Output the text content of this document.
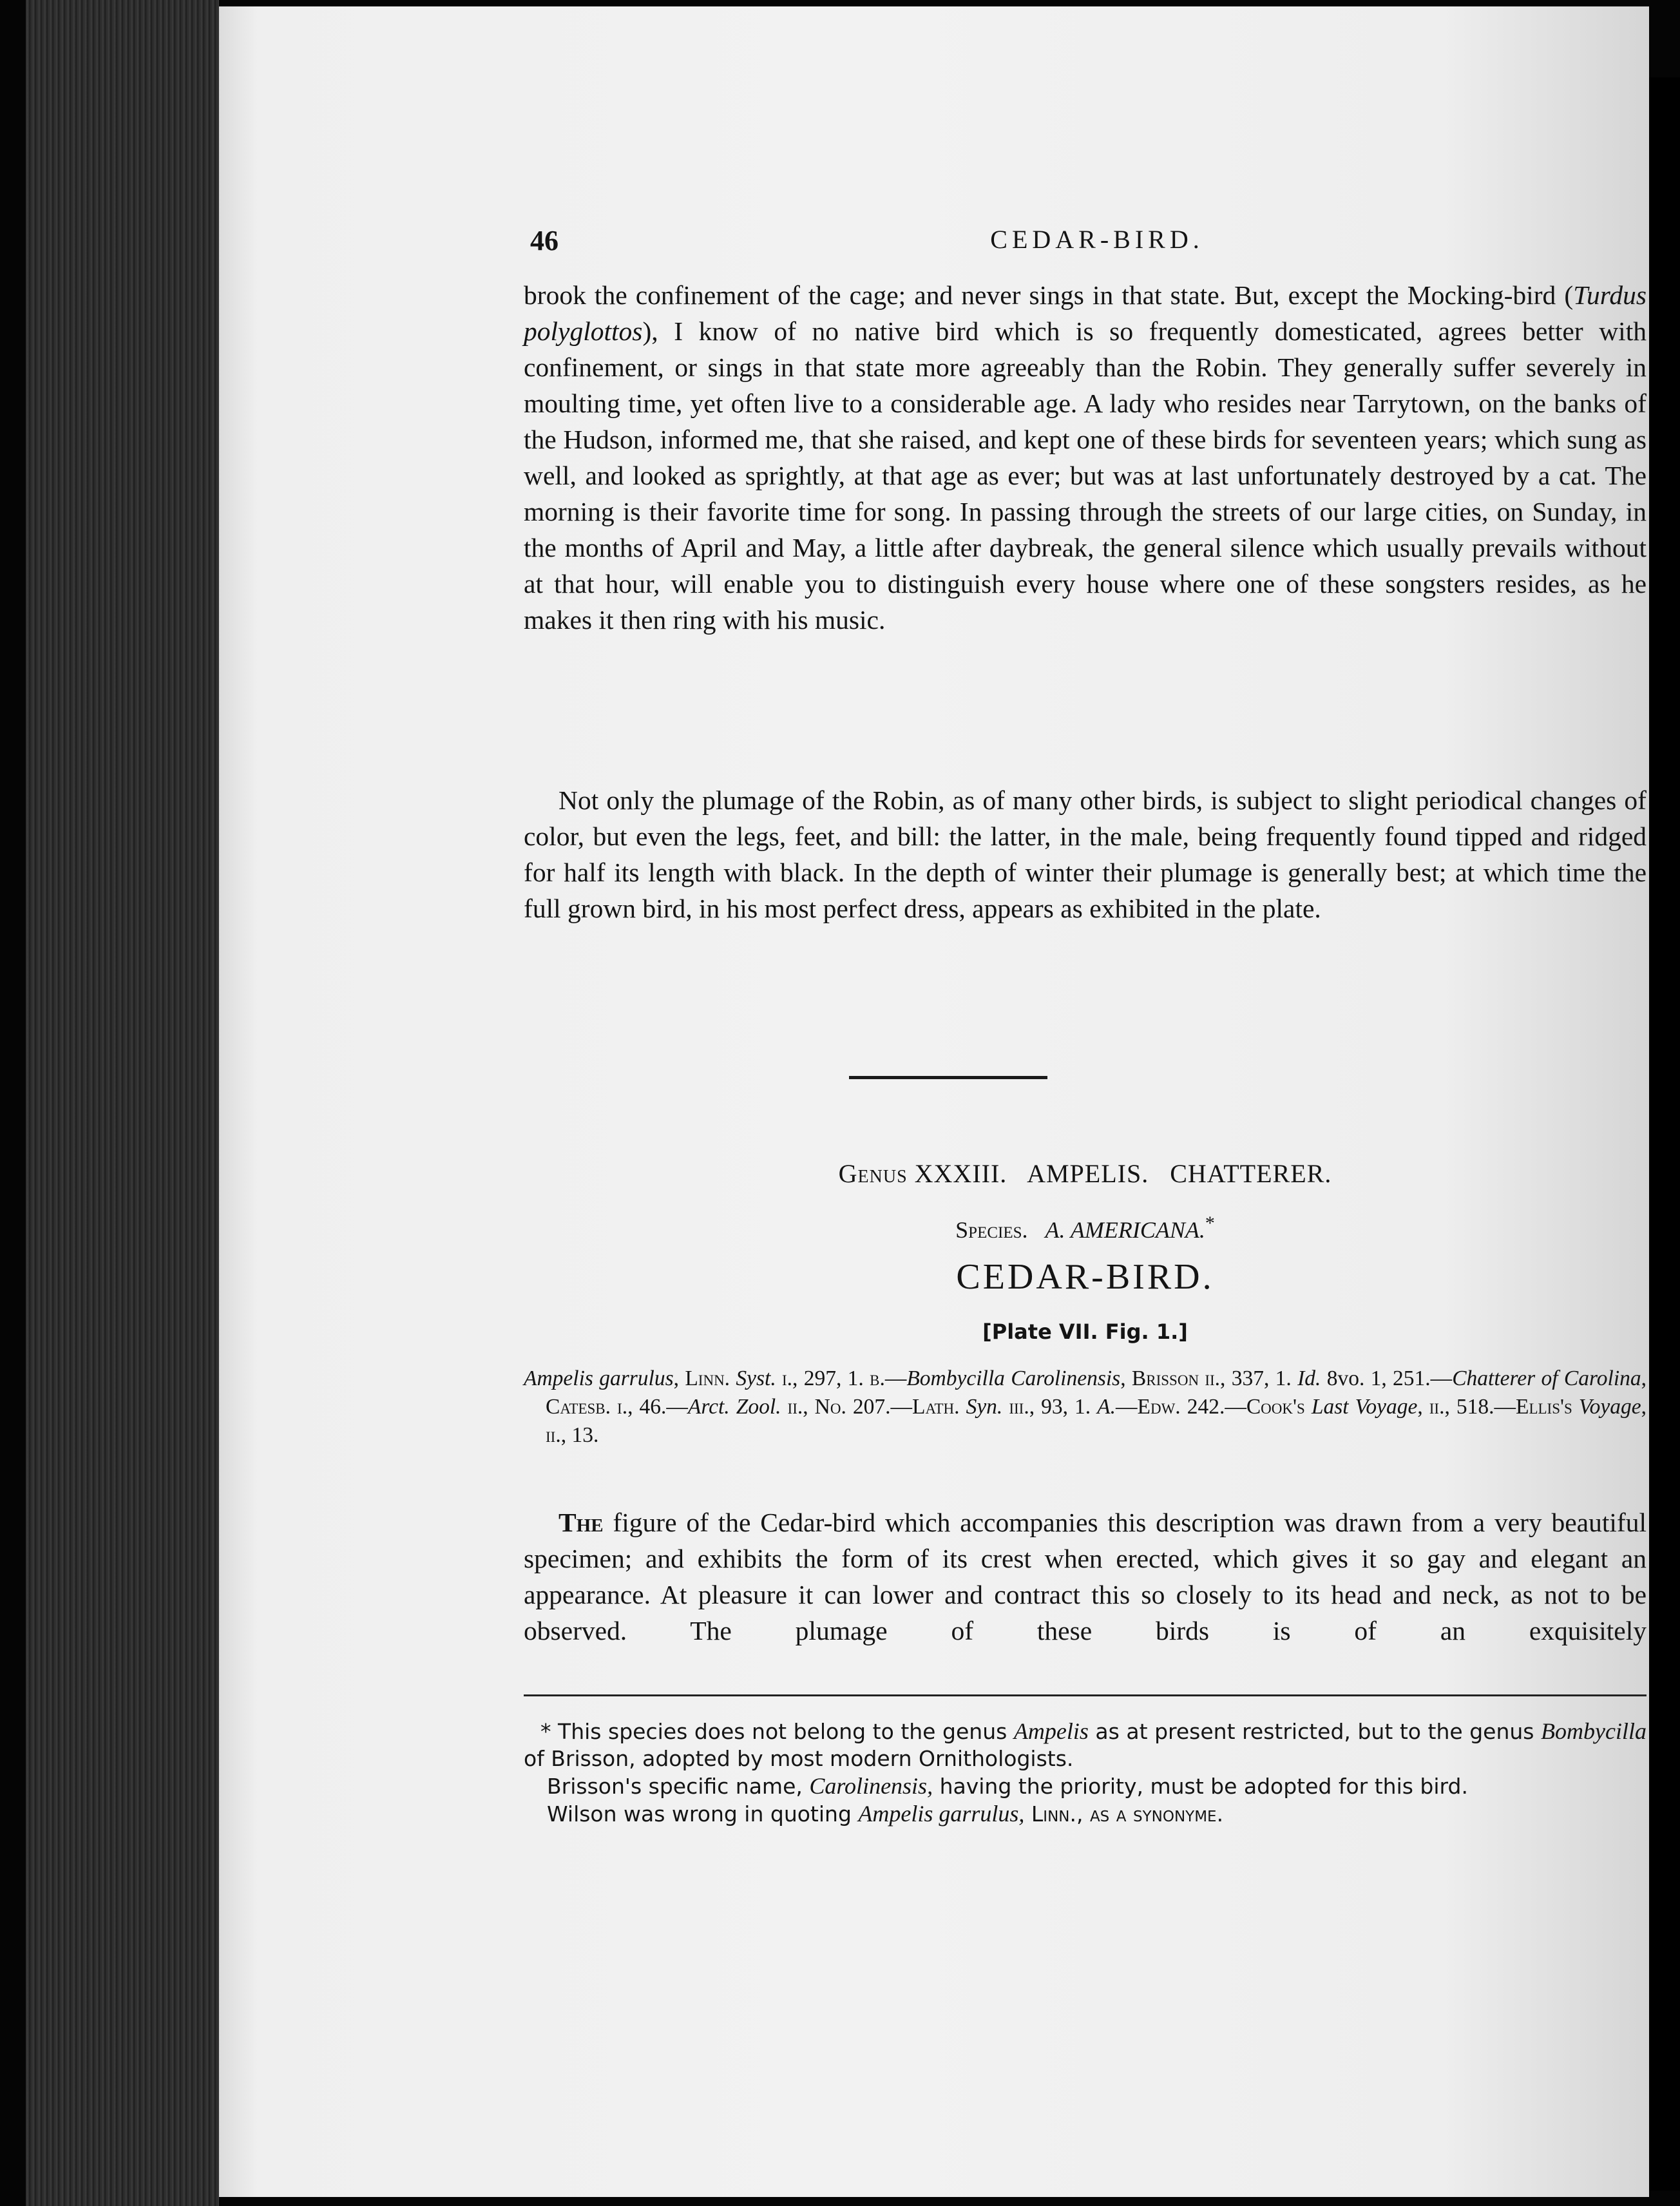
46	CEDAR-BIRD.
brook the confinement of the cage; and never sings in that state. But, except the Mocking-bird (Turdus polyglottos), I know of no native bird which is so frequently domesticated, agrees better with confinement, or sings in that state more agreeably than the Robin. They generally suffer severely in moulting time, yet often live to a considerable age. A lady who resides near Tarrytown, on the banks of the Hudson, informed me, that she raised, and kept one of these birds for seventeen years; which sung as well, and looked as sprightly, at that age as ever; but was at last unfortunately destroyed by a cat. The morning is their favorite time for song. In passing through the streets of our large cities, on Sunday, in the months of April and May, a little after daybreak, the general silence which usually prevails without at that hour, will enable you to distinguish every house where one of these songsters resides, as he makes it then ring with his music.
Not only the plumage of the Robin, as of many other birds, is subject to slight periodical changes of color, but even the legs, feet, and bill: the latter, in the male, being frequently found tipped and ridged for half its length with black. In the depth of winter their plumage is generally best; at which time the full grown bird, in his most perfect dress, appears as exhibited in the plate.
Genus XXXIII. AMPELIS. CHATTERER.
Species. A. AMERICANA.*
CEDAR-BIRD.
[Plate VII. Fig. 1.]
Ampelis garrulus, Linn. Syst. i., 297, 1. β.—Bombycilla Carolinensis, Brisson ii., 337, 1. Id. 8vo. 1, 251.—Chatterer of Carolina, Catesb. i., 46.—Arct. Zool. ii., No. 207.—Lath. Syn. iii., 93, 1. A.—Edw. 242.—Cook's Last Voyage, ii., 518.—Ellis's Voyage, ii., 13.
The figure of the Cedar-bird which accompanies this description was drawn from a very beautiful specimen; and exhibits the form of its crest when erected, which gives it so gay and elegant an appearance. At pleasure it can lower and contract this so closely to its head and neck, as not to be observed. The plumage of these birds is of an exquisitely

* This species does not belong to the genus Ampelis as at present restricted, but to the genus Bombycilla of Brisson, adopted by most modern Ornithologists.

Brisson's specific name, Carolinensis, having the priority, must be adopted for this bird.

Wilson was wrong in quoting Ampelis garrulus, Linn., as a synonyme.
